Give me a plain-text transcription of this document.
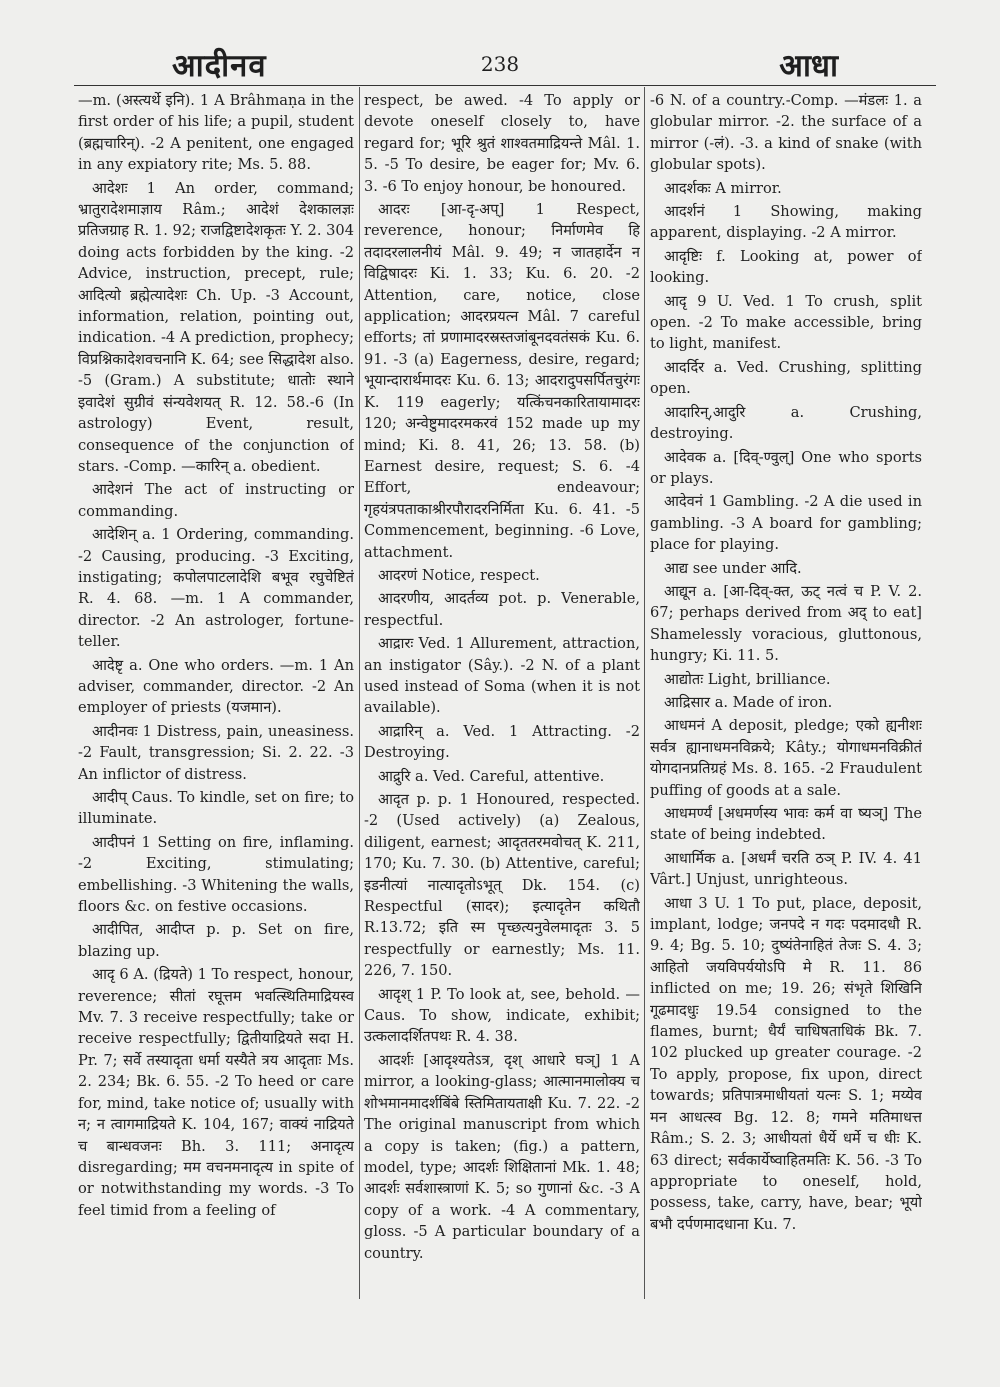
आदीनव	238	आधा

—m. (अस्त्यर्थे इनि). 1 A Brâhmaṇa in the first order of his life; a pupil, student (ब्रह्मचारिन्). -2 A penitent, one engaged in any expiatory rite; Ms. 5. 88.

आदेशः 1 An order, command; भ्रातुरादेशमाज्ञाय Râm.; आदेशं देशकालज्ञः प्रतिजग्राह R. 1. 92; राजद्विष्टादेशकृतः Y. 2. 304 doing acts forbidden by the king. -2 Advice, instruction, precept, rule; आदित्यो ब्रह्मेत्यादेशः Ch. Up. -3 Account, information, relation, pointing out, indication. -4 A prediction, prophecy; विप्रश्निकादेशवचनानि K. 64; see सिद्धादेश also. -5 (Gram.) A substitute; धातोः स्थाने इवादेशं सुग्रीवं संन्यवेशयत् R. 12. 58.-6 (In astrology) Event, result, consequence of the conjunction of stars. -Comp. —कारिन् a. obedient.

आदेशनं The act of instructing or commanding.

आदेशिन् a. 1 Ordering, commanding. -2 Causing, producing. -3 Exciting, instigating; कपोलपाटलादेशि बभूव रघुचेष्टितं R. 4. 68. —m. 1 A commander, director. -2 An astrologer, fortune-teller.

आदेष्टृ a. One who orders. —m. 1 An adviser, commander, director. -2 An employer of priests (यजमान).

आदीनवः 1 Distress, pain, uneasiness. -2 Fault, transgression; Si. 2. 22. -3 An inflictor of distress.

आदीप् Caus. To kindle, set on fire; to illuminate.

आदीपनं 1 Setting on fire, inflaming. -2 Exciting, stimulating; embellishing. -3 Whitening the walls, floors &c. on festive occasions.

आदीपित, आदीप्त p. p. Set on fire, blazing up.

आदृ 6 A. (द्रियते) 1 To respect, honour, reverence; सीतां रघूत्तम भवत्स्थितिमाद्रियस्व Mv. 7. 3 receive respectfully; take or receive respectfully; द्वितीयाद्रियते सदा H. Pr. 7; सर्वे तस्यादृता धर्मा यस्यैते त्रय आदृताः Ms. 2. 234; Bk. 6. 55. -2 To heed or care for, mind, take notice of; usually with न; न त्वागमाद्रियते K. 104, 167; वाक्यं नाद्रियते च बान्धवजनः Bh. 3. 111; अनादृत्य disregarding; मम वचनमनादृत्य in spite of or notwithstanding my words. -3 To feel timid from a feeling of

respect, be awed. -4 To apply or devote oneself closely to, have regard for; भूरि श्रुतं शाश्वतमाद्रियन्ते Mâl. 1. 5. -5 To desire, be eager for; Mv. 6. 3. -6 To enjoy honour, be honoured.

आदरः [आ-दृ-अप्] 1 Respect, reverence, honour; निर्माणमेव हि तदादरलालनीयं Mâl. 9. 49; न जातहार्देन न विद्विषादरः Ki. 1. 33; Ku. 6. 20. -2 Attention, care, notice, close application; आदरप्रयत्न Mâl. 7 careful efforts; तां प्रणामादरस्रस्तजांबूनदवतंसकं Ku. 6. 91. -3 (a) Eagerness, desire, regard; भूयान्दारार्थमादरः Ku. 6. 13; आदरादुपसर्पितचुरंगः K. 119 eagerly; यत्किंचनकारितायामादरः 120; अन्वेष्टुमादरमकरवं 152 made up my mind; Ki. 8. 41, 26; 13. 58. (b) Earnest desire, request; S. 6. -4 Effort, endeavour; गृहयंत्रपताकाश्रीरपौरादरनिर्मिता Ku. 6. 41. -5 Commencement, beginning. -6 Love, attachment.

आदरणं Notice, respect.

आदरणीय, आदर्तव्य pot. p. Venerable, respectful.

आद्रारः Ved. 1 Allurement, attraction, an instigator (Sây.). -2 N. of a plant used instead of Soma (when it is not available).

आद्रारिन् a. Ved. 1 Attracting. -2 Destroying.

आद्रुरि a. Ved. Careful, attentive.

आदृत p. p. 1 Honoured, respected. -2 (Used actively) (a) Zealous, diligent, earnest; आदृततरमवोचत् K. 211, 170; Ku. 7. 30. (b) Attentive, careful; इडनीत्यां नात्यादृतोऽभूत् Dk. 154. (c) Respectful (सादर); इत्यादृतेन कथितौ R.13.72; इति स्म पृच्छत्यनुवेलमादृतः 3. 5 respectfully or earnestly; Ms. 11. 226, 7. 150.

आदृश् 1 P. To look at, see, behold. —Caus. To show, indicate, exhibit; उत्कलादर्शितपथः R. 4. 38.

आदर्शः [आदृश्यतेऽत्र, दृश् आधारे घञ्] 1 A mirror, a looking-glass; आत्मानमालोक्य च शोभमानमादर्शबिंबे स्तिमितायताक्षी Ku. 7. 22. -2 The original manuscript from which a copy is taken; (fig.) a pattern, model, type; आदर्शः शिक्षितानां Mk. 1. 48; आदर्शः सर्वशास्त्राणां K. 5; so गुणानां &c. -3 A copy of a work. -4 A commentary, gloss. -5 A particular boundary of a country.

-6 N. of a country.-Comp. —मंडलः 1. a globular mirror. -2. the surface of a mirror (-लं). -3. a kind of snake (with globular spots).

आदर्शकः A mirror.

आदर्शनं 1 Showing, making apparent, displaying. -2 A mirror.

आदृष्टिः f. Looking at, power of looking.

आदृ 9 U. Ved. 1 To crush, split open. -2 To make accessible, bring to light, manifest.

आदर्दिर a. Ved. Crushing, splitting open.

आदारिन्,आदुरि a. Crushing, destroying.

आदेवक a. [दिव्-ण्वुल्] One who sports or plays.

आदेवनं 1 Gambling. -2 A die used in gambling. -3 A board for gambling; place for playing.

आद्य see under आदि.

आद्यून a. [आ-दिव्-क्त, ऊट् नत्वं च P. V. 2. 67; perhaps derived from अद् to eat] Shamelessly voracious, gluttonous, hungry; Ki. 11. 5.

आद्योतः Light, brilliance.

आद्रिसार a. Made of iron.

आधमनं A deposit, pledge; एको ह्यनीशः सर्वत्र ह्यानाधमनविक्रये; Kâty.; योगाधमनविक्रीतं योगदानप्रतिग्रहं Ms. 8. 165. -2 Fraudulent puffing of goods at a sale.

आधमर्ण्यं [अधमर्णस्य भावः कर्म वा ष्यञ्] The state of being indebted.

आधार्मिक a. [अधर्मं चरति ठञ् P. IV. 4. 41 Vârt.] Unjust, unrighteous.

आधा 3 U. 1 To put, place, deposit, implant, lodge; जनपदे न गदः पदमादधौ R. 9. 4; Bg. 5. 10; दुष्यंतेनाहितं तेजः S. 4. 3; आहितो जयविपर्ययोऽपि मे R. 11. 86 inflicted on me; 19. 26; संभृते शिखिनि गूढमादधुः 19.54 consigned to the flames, burnt; धैर्यं चाधिषताधिकं Bk. 7. 102 plucked up greater courage. -2 To apply, propose, fix upon, direct towards; प्रतिपात्रमाधीयतां यत्नः S. 1; मय्येव मन आधत्स्व Bg. 12. 8; गमने मतिमाधत्त Râm.; S. 2. 3; आधीयतां धैर्ये धर्मे च धीः K. 63 direct; सर्वकार्येष्वाहितमतिः K. 56. -3 To appropriate to oneself, hold, possess, take, carry, have, bear; भूयो बभौ दर्पणमादधाना Ku. 7.
